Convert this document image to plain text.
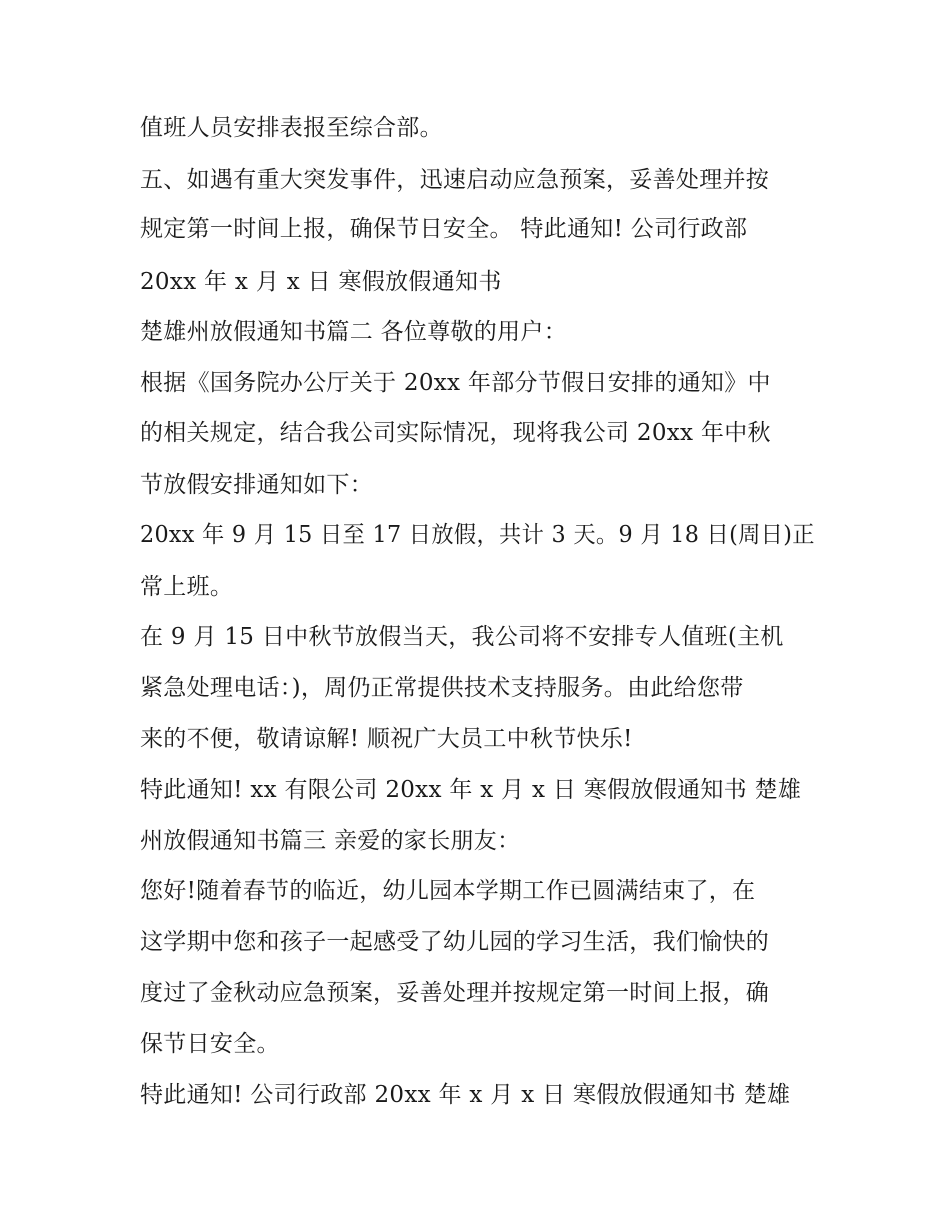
值班人员安排表报至综合部。
五、如遇有重大突发事件，迅速启动应急预案，妥善处理并按
规定第一时间上报，确保节日安全。 特此通知! 公司行政部
20xx 年 x 月 x 日 寒假放假通知书
楚雄州放假通知书篇二 各位尊敬的用户：
根据《国务院办公厅关于 20xx 年部分节假日安排的通知》中
的相关规定，结合我公司实际情况，现将我公司 20xx 年中秋
节放假安排通知如下：
20xx 年 9 月 15 日至 17 日放假，共计 3 天。9 月 18 日(周日)正
常上班。
在 9 月 15 日中秋节放假当天，我公司将不安排专人值班(主机
紧急处理电话：)，周仍正常提供技术支持服务。由此给您带
来的不便，敬请谅解! 顺祝广大员工中秋节快乐!
特此通知! xx 有限公司 20xx 年 x 月 x 日 寒假放假通知书 楚雄
州放假通知书篇三 亲爱的家长朋友：
您好!随着春节的临近，幼儿园本学期工作已圆满结束了，在
这学期中您和孩子一起感受了幼儿园的学习生活，我们愉快的
度过了金秋动应急预案，妥善处理并按规定第一时间上报，确
保节日安全。
特此通知! 公司行政部 20xx 年 x 月 x 日 寒假放假通知书 楚雄
